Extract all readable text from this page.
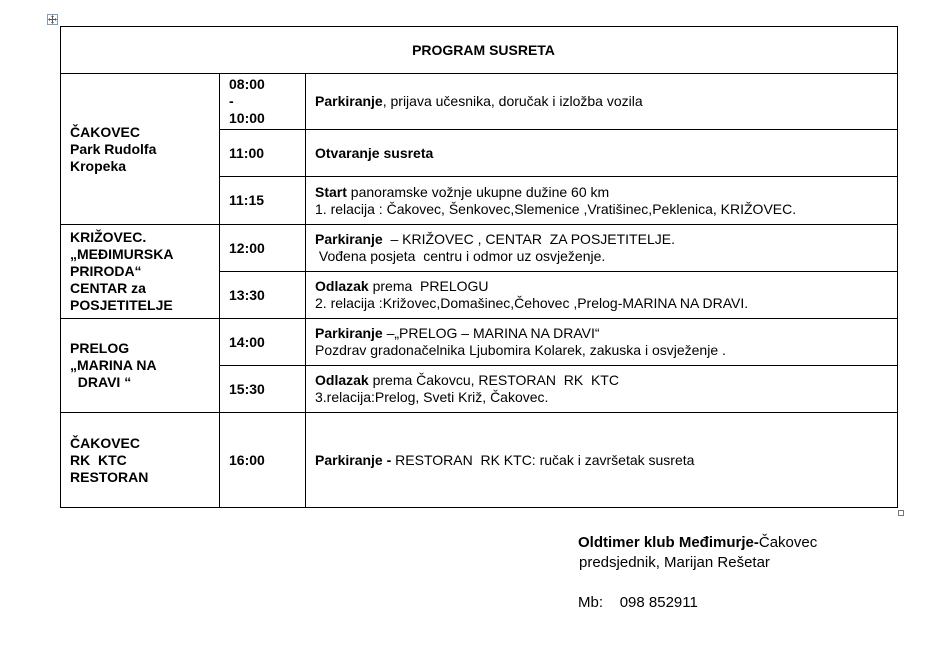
PROGRAM SUSRETA		

ČAKOVEC
Park Rudolfa
Kropeka	08:00
-
10:00	Parkiranje, prijava učesnika, doručak i izložba vozila

	11:00	Otvaranje susreta

	11:15	Start panoramske vožnje ukupne dužine 60 km
1. relacija : Čakovec, Šenkovec,Slemenice ,Vratišinec,Peklenica, KRIŽOVEC.

KRIŽOVEC.
„MEĐIMURSKA
PRIRODA“
CENTAR za
POSJETITELJE	12:00	Parkiranje  – KRIŽOVEC , CENTAR  ZA POSJETITELJE.
Vođena posjeta  centru i odmor uz osvježenje.

	13:30	Odlazak prema  PRELOGU
2. relacija :Križovec,Domašinec,Čehovec ,Prelog-MARINA NA DRAVI.

PRELOG
„MARINA NA
DRAVI “	14:00	Parkiranje –„PRELOG – MARINA NA DRAVI“
Pozdrav gradonačelnika Ljubomira Kolarek, zakuska i osvježenje .

	15:30	Odlazak prema Čakovcu, RESTORAN  RK  KTC
3.relacija:Prelog, Sveti Križ, Čakovec.

ČAKOVEC
RK  KTC
RESTORAN	16:00	Parkiranje - RESTORAN  RK KTC: ručak i završetak susreta
Oldtimer klub Međimurje-Čakovec
predsjednik, Marijan Rešetar
Mb: 098 852911
